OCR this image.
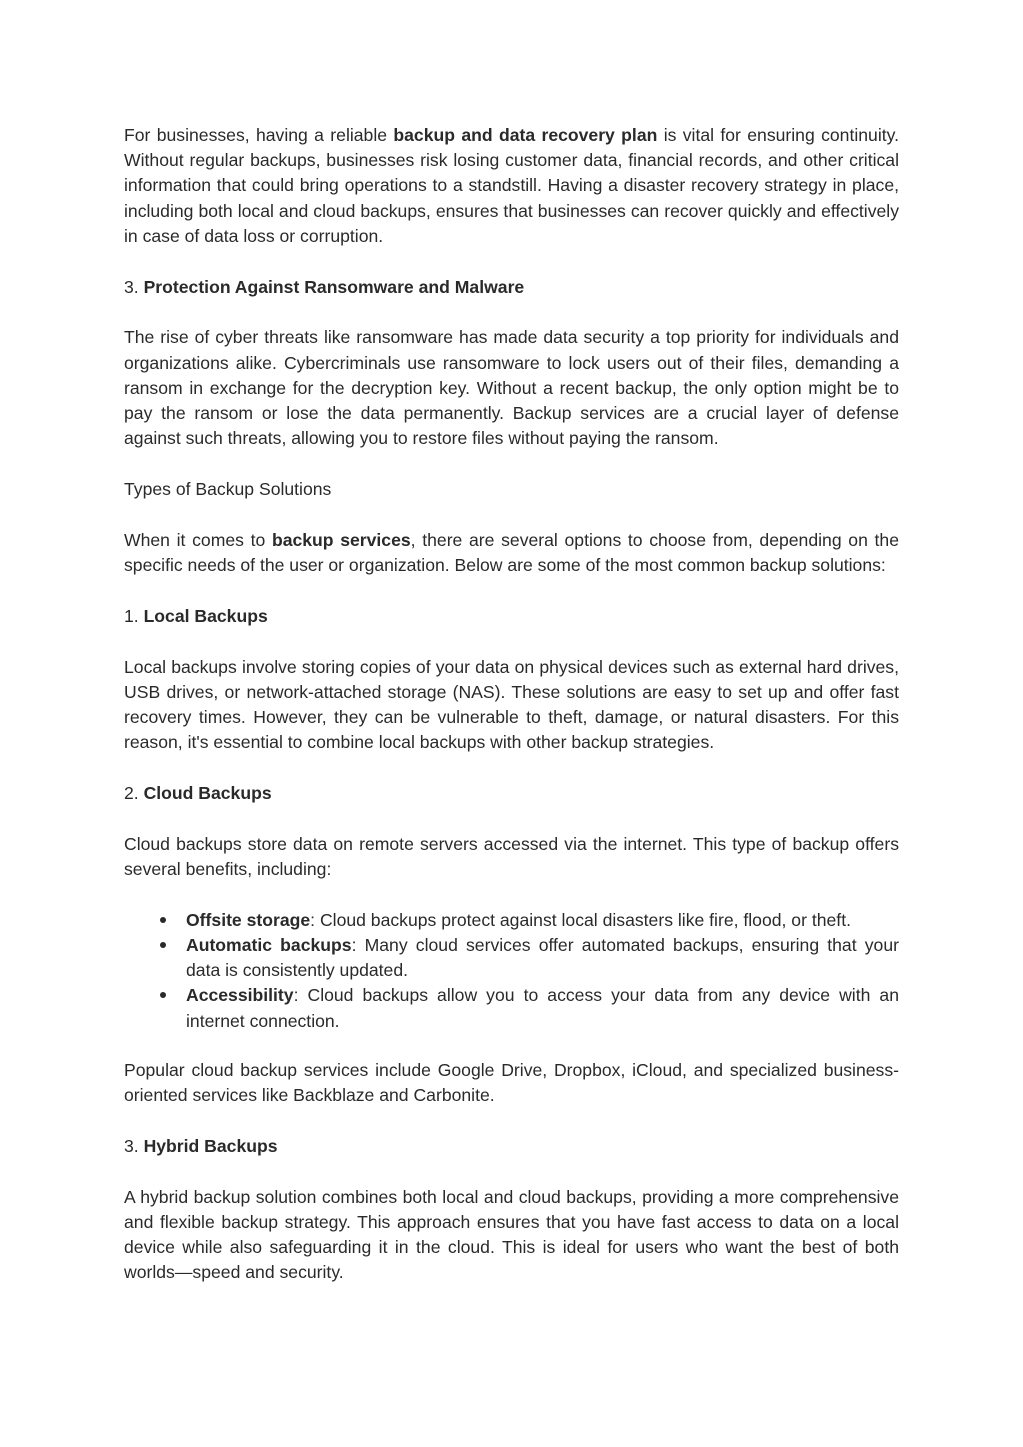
For businesses, having a reliable backup and data recovery plan is vital for ensuring continuity. Without regular backups, businesses risk losing customer data, financial records, and other critical information that could bring operations to a standstill. Having a disaster recovery strategy in place, including both local and cloud backups, ensures that businesses can recover quickly and effectively in case of data loss or corruption.

3. Protection Against Ransomware and Malware

The rise of cyber threats like ransomware has made data security a top priority for individuals and organizations alike. Cybercriminals use ransomware to lock users out of their files, demanding a ransom in exchange for the decryption key. Without a recent backup, the only option might be to pay the ransom or lose the data permanently. Backup services are a crucial layer of defense against such threats, allowing you to restore files without paying the ransom.

Types of Backup Solutions

When it comes to backup services, there are several options to choose from, depending on the specific needs of the user or organization. Below are some of the most common backup solutions:

1. Local Backups

Local backups involve storing copies of your data on physical devices such as external hard drives, USB drives, or network-attached storage (NAS). These solutions are easy to set up and offer fast recovery times. However, they can be vulnerable to theft, damage, or natural disasters. For this reason, it's essential to combine local backups with other backup strategies.

2. Cloud Backups

Cloud backups store data on remote servers accessed via the internet. This type of backup offers several benefits, including:

Offsite storage: Cloud backups protect against local disasters like fire, flood, or theft.
Automatic backups: Many cloud services offer automated backups, ensuring that your data is consistently updated.
Accessibility: Cloud backups allow you to access your data from any device with an internet connection.

Popular cloud backup services include Google Drive, Dropbox, iCloud, and specialized business-oriented services like Backblaze and Carbonite.

3. Hybrid Backups

A hybrid backup solution combines both local and cloud backups, providing a more comprehensive and flexible backup strategy. This approach ensures that you have fast access to data on a local device while also safeguarding it in the cloud. This is ideal for users who want the best of both worlds—speed and security.
